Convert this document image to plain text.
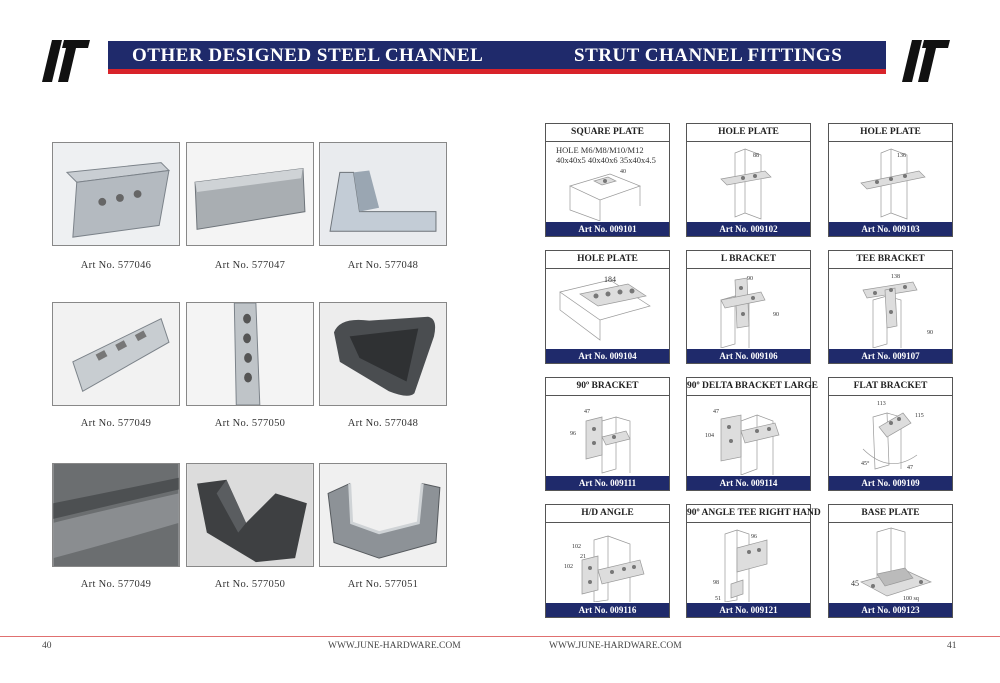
OTHER DESIGNED STEEL CHANNEL	STRUT CHANNEL FITTINGS
Art No. 577046	Art No. 577047	Art No. 577048
Art No. 577049	Art No. 577050	Art No. 577048
Art No. 577049	Art No. 577050	Art No. 577051
SQUARE PLATE
HOLE M6/M8/M10/M12
40x40x5 40x40x6 35x40x4.5
40
Art No. 009101
HOLE PLATE
88
Art No. 009102
HOLE PLATE
136
Art No. 009103
HOLE PLATE
184
Art No. 009104
L BRACKET
90
90
Art No. 009106
TEE BRACKET
138
90
Art No. 009107
90º BRACKET
47
96
Art No. 009111
90º DELTA BRACKET LARGE
47
104
Art No. 009114
FLAT BRACKET
113
115
45°
47
Art No. 009109
H/D ANGLE
102
21
102
Art No. 009116
90º ANGLE TEE RIGHT HAND
96
98
51
Art No. 009121
BASE PLATE
45
100 sq
Art No. 009123
40	WWW.JUNE-HARDWARE.COM	WWW.JUNE-HARDWARE.COM	41
